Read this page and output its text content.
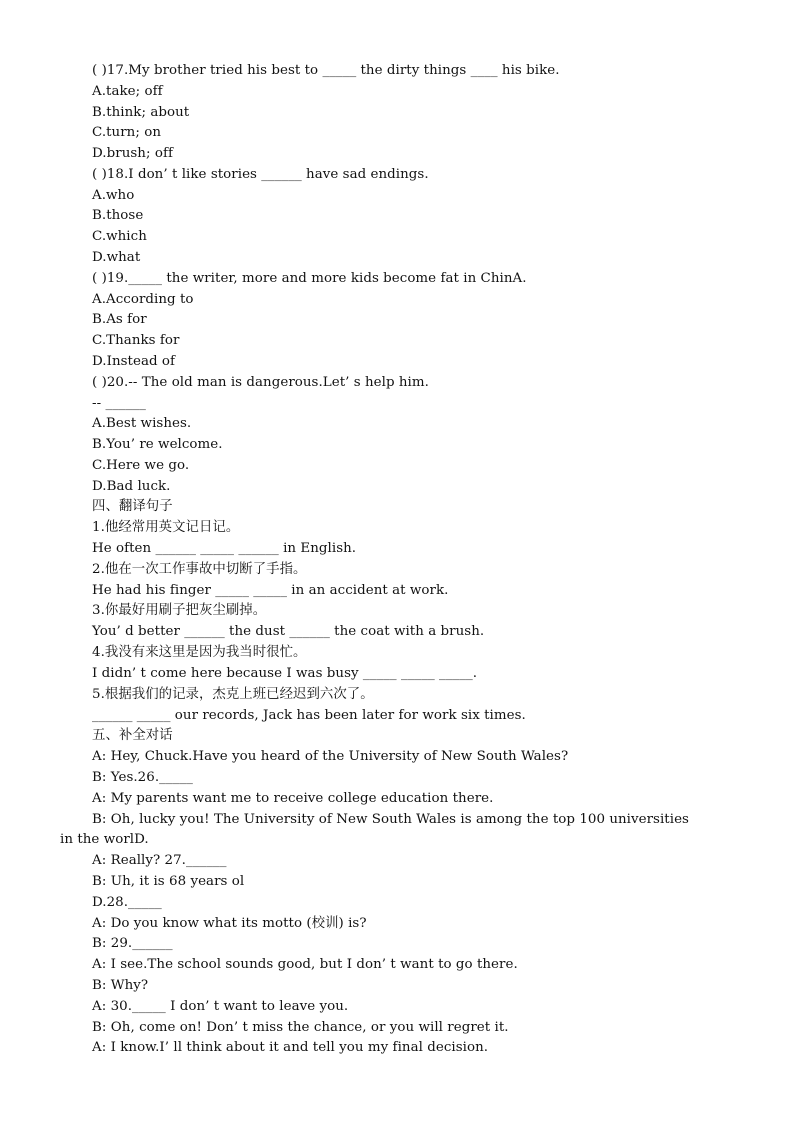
( )17.My brother tried his best to _____ the dirty things ____ his bike.
A.take; off
B.think; about
C.turn; on
D.brush; off
( )18.I don’ t like stories ______ have sad endings.
A.who
B.those
C.which
D.what
( )19._____ the writer, more and more kids become fat in ChinA.
A.According to
B.As for
C.Thanks for
D.Instead of
( )20.-- The old man is dangerous.Let’ s help him.
-- ______
A.Best wishes.
B.You’ re welcome.
C.Here we go.
D.Bad luck.
四、翻译句子
1.他经常用英文记日记。
He often ______ _____ ______ in English.
2.他在一次工作事故中切断了手指。
He had his finger _____ _____ in an accident at work.
3.你最好用刷子把灰尘刷掉。
You’ d better ______ the dust ______ the coat with a brush.
4.我没有来这里是因为我当时很忙。
I didn’ t come here because I was busy _____ _____ _____.
5.根据我们的记录，杰克上班已经迟到六次了。
______ _____ our records, Jack has been later for work six times.
五、补全对话
A: Hey, Chuck.Have you heard of the University of New South Wales?
B: Yes.26._____
A: My parents want me to receive college education there.
B: Oh, lucky you! The University of New South Wales is among the top 100 universities
in the worlD.
A: Really? 27.______
B: Uh, it is 68 years ol
D.28._____
A: Do you know what its motto (校训) is?
B: 29.______
A: I see.The school sounds good, but I don’ t want to go there.
B: Why?
A: 30._____ I don’ t want to leave you.
B: Oh, come on! Don’ t miss the chance, or you will regret it.
A: I know.I’ ll think about it and tell you my final decision.
